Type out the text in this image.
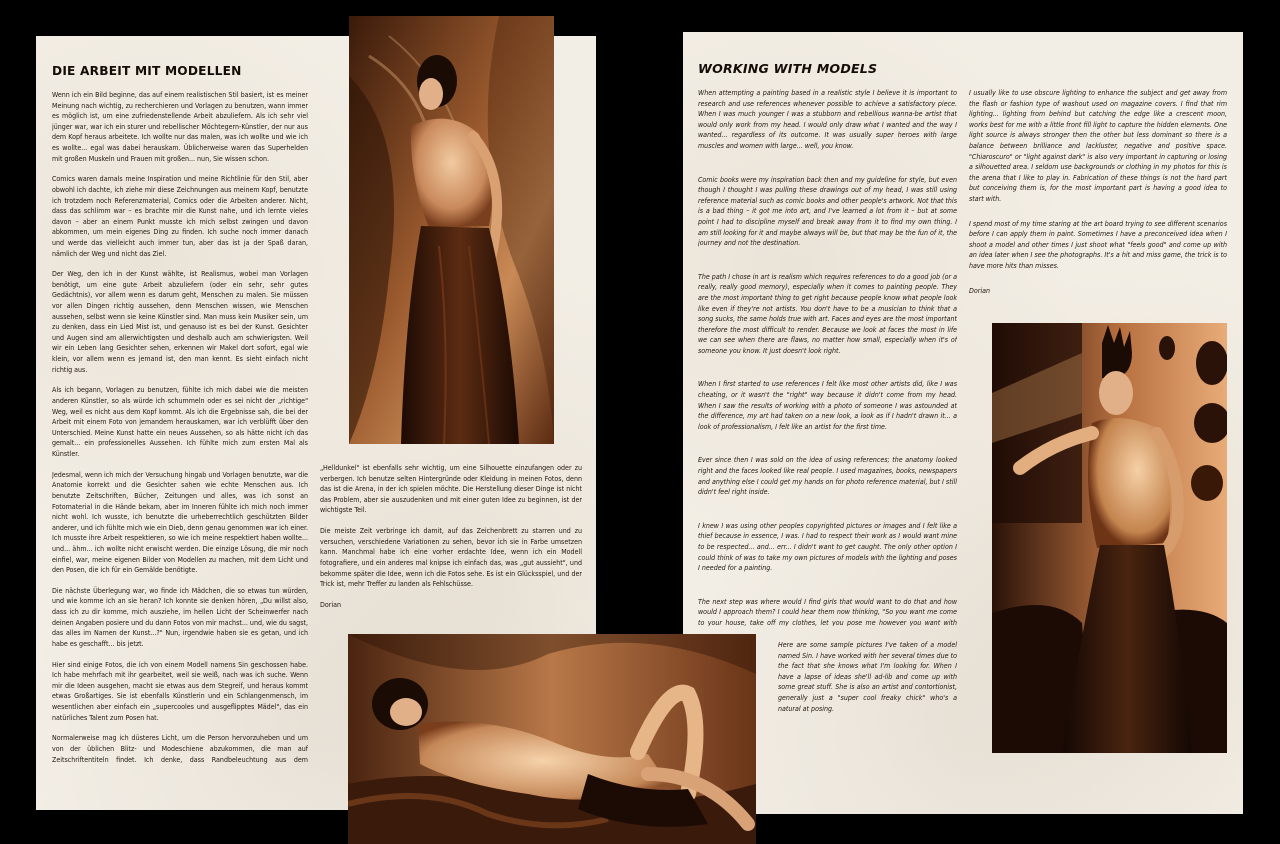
DIE ARBEIT MIT MODELLEN

Wenn ich ein Bild beginne, das auf einem realistischen Stil basiert, ist es meiner Meinung nach wichtig, zu recherchieren und Vorlagen zu benutzen, wann immer es möglich ist, um eine zufriedenstellende Arbeit abzuliefern. Als ich sehr viel jünger war, war ich ein sturer und rebellischer Möchtegern-Künstler, der nur aus dem Kopf heraus arbeitete. Ich wollte nur das malen, was ich wollte und wie ich es wollte... egal was dabei herauskam. Üblicherweise waren das Superhelden mit großen Muskeln und Frauen mit großen... nun, Sie wissen schon.

Comics waren damals meine Inspiration und meine Richtlinie für den Stil, aber obwohl ich dachte, ich ziehe mir diese Zeichnungen aus meinem Kopf, benutzte ich trotzdem noch Referenzmaterial, Comics oder die Arbeiten anderer. Nicht, dass das schlimm war – es brachte mir die Kunst nahe, und ich lernte vieles davon – aber an einem Punkt musste ich mich selbst zwingen und davon abkommen, um mein eigenes Ding zu finden. Ich suche noch immer danach und werde das vielleicht auch immer tun, aber das ist ja der Spaß daran, nämlich der Weg und nicht das Ziel.

Der Weg, den ich in der Kunst wählte, ist Realismus, wobei man Vorlagen benötigt, um eine gute Arbeit abzuliefern (oder ein sehr, sehr gutes Gedächtnis), vor allem wenn es darum geht, Menschen zu malen. Sie müssen vor allen Dingen richtig aussehen, denn Menschen wissen, wie Menschen aussehen, selbst wenn sie keine Künstler sind. Man muss kein Musiker sein, um zu denken, dass ein Lied Mist ist, und genauso ist es bei der Kunst. Gesichter und Augen sind am allerwichtigsten und deshalb auch am schwierigsten. Weil wir ein Leben lang Gesichter sehen, erkennen wir Makel dort sofort, egal wie klein, vor allem wenn es jemand ist, den man kennt. Es sieht einfach nicht richtig aus.

Als ich begann, Vorlagen zu benutzen, fühlte ich mich dabei wie die meisten anderen Künstler, so als würde ich schummeln oder es sei nicht der „richtige" Weg, weil es nicht aus dem Kopf kommt. Als ich die Ergebnisse sah, die bei der Arbeit mit einem Foto von jemandem herauskamen, war ich verblüfft über den Unterschied. Meine Kunst hatte ein neues Aussehen, so als hätte nicht ich das gemalt... ein professionelles Aussehen. Ich fühlte mich zum ersten Mal als Künstler.

Jedesmal, wenn ich mich der Versuchung hingab und Vorlagen benutzte, war die Anatomie korrekt und die Gesichter sahen wie echte Menschen aus. Ich benutzte Zeitschriften, Bücher, Zeitungen und alles, was ich sonst an Fotomaterial in die Hände bekam, aber im Inneren fühlte ich mich noch immer nicht wohl. Ich wusste, ich benutzte die urheberrechtlich geschützten Bilder anderer, und ich fühlte mich wie ein Dieb, denn genau genommen war ich einer. Ich musste ihre Arbeit respektieren, so wie ich meine respektiert haben wollte... und... ähm... ich wollte nicht erwischt werden. Die einzige Lösung, die mir noch einfiel, war, meine eigenen Bilder von Modellen zu machen, mit dem Licht und den Posen, die ich für ein Gemälde benötigte.

Die nächste Überlegung war, wo finde ich Mädchen, die so etwas tun würden, und wie komme ich an sie heran? Ich konnte sie denken hören, „Du willst also, dass ich zu dir komme, mich ausziehe, im hellen Licht der Scheinwerfer nach deinen Angaben posiere und du dann Fotos von mir machst... und, wie du sagst, das alles im Namen der Kunst...?" Nun, irgendwie haben sie es getan, und ich habe es geschafft... bis jetzt.

Hier sind einige Fotos, die ich von einem Modell namens Sin geschossen habe. Ich habe mehrfach mit ihr gearbeitet, weil sie weiß, nach was ich suche. Wenn mir die Ideen ausgehen, macht sie etwas aus dem Stegreif, und heraus kommt etwas Großartiges. Sie ist ebenfalls Künstlerin und ein Schlangenmensch, im wesentlichen aber einfach ein „supercooles und ausgeflipptes Mädel", das ein natürliches Talent zum Posen hat.

Normalerweise mag ich düsteres Licht, um die Person hervorzuheben und um von der üblichen Blitz- und Modeschiene abzukommen, die man auf Zeitschriftentiteln findet. Ich denke, dass Randbeleuchtung aus dem

„Helldunkel" ist ebenfalls sehr wichtig, um eine Silhouette einzufangen oder zu verbergen. Ich benutze selten Hintergründe oder Kleidung in meinen Fotos, denn das ist die Arena, in der ich spielen möchte. Die Herstellung dieser Dinge ist nicht das Problem, aber sie auszudenken und mit einer guten Idee zu beginnen, ist der wichtigste Teil.

Die meiste Zeit verbringe ich damit, auf das Zeichenbrett zu starren und zu versuchen, verschiedene Variationen zu sehen, bevor ich sie in Farbe umsetzen kann. Manchmal habe ich eine vorher erdachte Idee, wenn ich ein Modell fotografiere, und ein anderes mal knipse ich einfach das, was „gut aussieht", und bekomme später die Idee, wenn ich die Fotos sehe. Es ist ein Glücksspiel, und der Trick ist, mehr Treffer zu landen als Fehlschüsse.

Dorian

WORKING WITH MODELS

When attempting a painting based in a realistic style I believe it is important to research and use references whenever possible to achieve a satisfactory piece. When I was much younger I was a stubborn and rebellious wanna-be artist that would only work from my head. I would only draw what I wanted and the way I wanted... regardless of its outcome. It was usually super heroes with large muscles and women with large... well, you know.

Comic books were my inspiration back then and my guideline for style, but even though I thought I was pulling these drawings out of my head, I was still using reference material such as comic books and other people's artwork. Not that this is a bad thing – it got me into art, and I've learned a lot from it – but at some point I had to discipline myself and break away from it to find my own thing. I am still looking for it and maybe always will be, but that may be the fun of it, the journey and not the destination.

The path I chose in art is realism which requires references to do a good job (or a really, really good memory), especially when it comes to painting people. They are the most important thing to get right because people know what people look like even if they're not artists. You don't have to be a musician to think that a song sucks, the same holds true with art. Faces and eyes are the most important therefore the most difficult to render. Because we look at faces the most in life we can see when there are flaws, no matter how small, especially when it's of someone you know. It just doesn't look right.

When I first started to use references I felt like most other artists did, like I was cheating, or it wasn't the "right" way because it didn't come from my head. When I saw the results of working with a photo of someone I was astounded at the difference, my art had taken on a new look, a look as if I hadn't drawn it... a look of professionalism, I felt like an artist for the first time.

Ever since then I was sold on the idea of using references; the anatomy looked right and the faces looked like real people. I used magazines, books, newspapers and anything else I could get my hands on for photo reference material, but I still didn't feel right inside.

I knew I was using other peoples copyrighted pictures or images and I felt like a thief because in essence, I was. I had to respect their work as I would want mine to be respected... and... err... I didn't want to get caught. The only other option I could think of was to take my own pictures of models with the lighting and poses I needed for a painting.

The next step was where would I find girls that would want to do that and how would I approach them? I could hear them now thinking, "So you want me come to your house, take off my clothes, let you pose me however you want with

I usually like to use obscure lighting to enhance the subject and get away from the flash or fashion type of washout used on magazine covers. I find that rim lighting... lighting from behind but catching the edge like a crescent moon, works best for me with a little front fill light to capture the hidden elements. One light source is always stronger then the other but less dominant so there is a balance between brilliance and lackluster, negative and positive space. "Chiaroscuro" or "light against dark" is also very important in capturing or losing a silhouetted area. I seldom use backgrounds or clothing in my photos for this is the arena that I like to play in. Fabrication of these things is not the hard part but conceiving them is, for the most important part is having a good idea to start with.

I spend most of my time staring at the art board trying to see different scenarios before I can apply them in paint. Sometimes I have a preconceived idea when I shoot a model and other times I just shoot what "feels good" and come up with an idea later when I see the photographs. It's a hit and miss game, the trick is to have more hits than misses.

Dorian

Here are some sample pictures I've taken of a model named Sin. I have worked with her several times due to the fact that she knows what I'm looking for. When I have a lapse of ideas she'll ad-lib and come up with some great stuff. She is also an artist and contortionist, generally just a "super cool freaky chick" who's a natural at posing.
